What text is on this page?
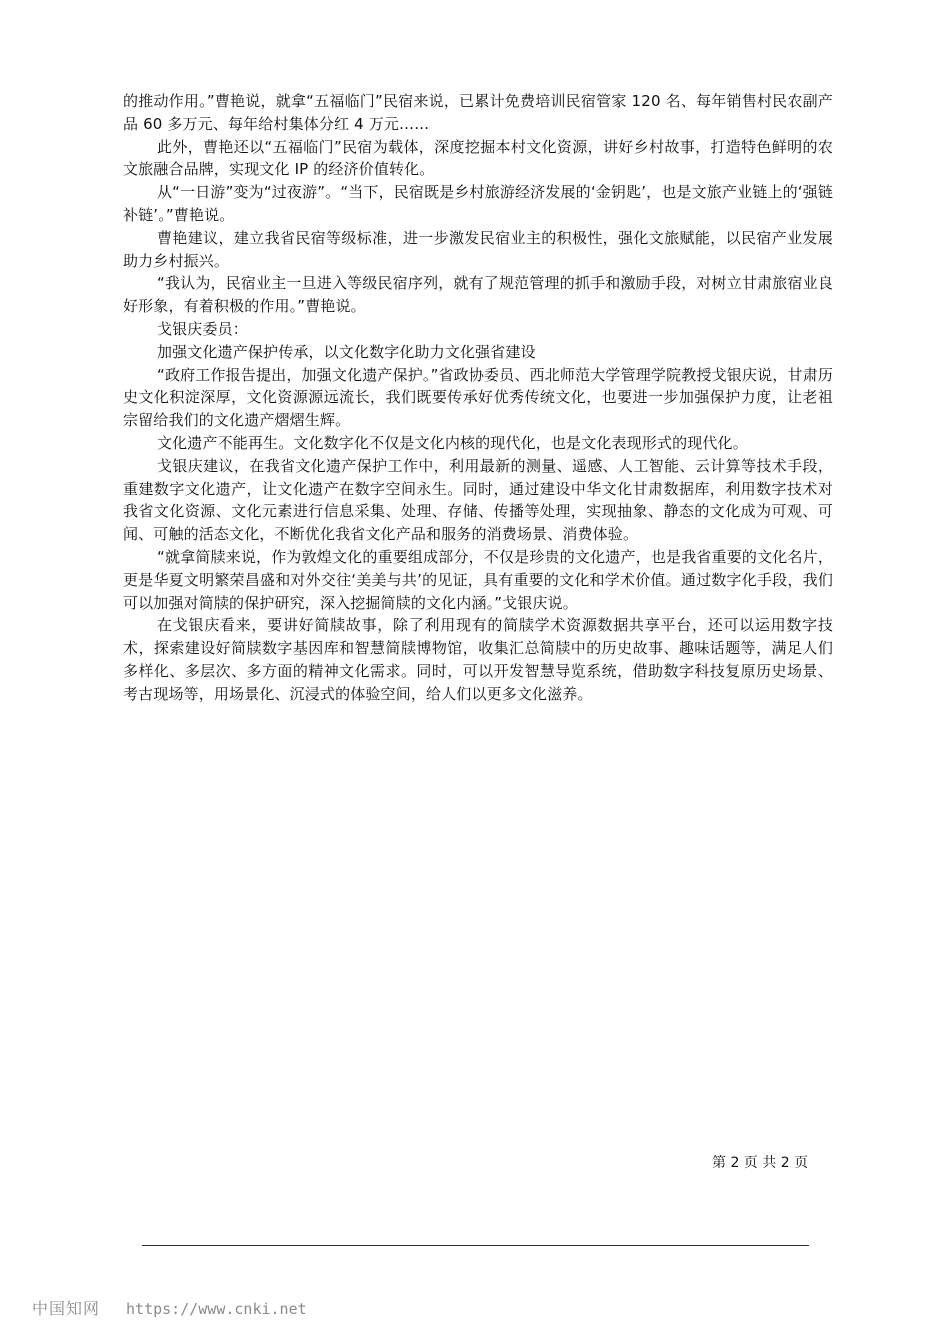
的推动作用。”曹艳说，就拿“五福临门”民宿来说，已累计免费培训民宿管家 120 名、每年销售村民农副产品 60 多万元、每年给村集体分红 4 万元……

此外，曹艳还以“五福临门”民宿为载体，深度挖掘本村文化资源，讲好乡村故事，打造特色鲜明的农文旅融合品牌，实现文化 IP 的经济价值转化。

从“一日游”变为“过夜游”。“当下，民宿既是乡村旅游经济发展的‘金钥匙’，也是文旅产业链上的‘强链补链’。”曹艳说。

曹艳建议，建立我省民宿等级标准，进一步激发民宿业主的积极性，强化文旅赋能，以民宿产业发展助力乡村振兴。

“我认为，民宿业主一旦进入等级民宿序列，就有了规范管理的抓手和激励手段，对树立甘肃旅宿业良好形象，有着积极的作用。”曹艳说。

戈银庆委员：

加强文化遗产保护传承，以文化数字化助力文化强省建设

“政府工作报告提出，加强文化遗产保护。”省政协委员、西北师范大学管理学院教授戈银庆说，甘肃历史文化积淀深厚，文化资源源远流长，我们既要传承好优秀传统文化，也要进一步加强保护力度，让老祖宗留给我们的文化遗产熠熠生辉。

文化遗产不能再生。文化数字化不仅是文化内核的现代化，也是文化表现形式的现代化。

戈银庆建议，在我省文化遗产保护工作中，利用最新的测量、遥感、人工智能、云计算等技术手段，重建数字文化遗产，让文化遗产在数字空间永生。同时，通过建设中华文化甘肃数据库，利用数字技术对我省文化资源、文化元素进行信息采集、处理、存储、传播等处理，实现抽象、静态的文化成为可观、可闻、可触的活态文化，不断优化我省文化产品和服务的消费场景、消费体验。

“就拿简牍来说，作为敦煌文化的重要组成部分，不仅是珍贵的文化遗产，也是我省重要的文化名片，更是华夏文明繁荣昌盛和对外交往‘美美与共’的见证，具有重要的文化和学术价值。通过数字化手段，我们可以加强对简牍的保护研究，深入挖掘简牍的文化内涵。”戈银庆说。

在戈银庆看来，要讲好简牍故事，除了利用现有的简牍学术资源数据共享平台，还可以运用数字技术，探索建设好简牍数字基因库和智慧简牍博物馆，收集汇总简牍中的历史故事、趣味话题等，满足人们多样化、多层次、多方面的精神文化需求。同时，可以开发智慧导览系统，借助数字科技复原历史场景、考古现场等，用场景化、沉浸式的体验空间，给人们以更多文化滋养。

第 2 页 共 2 页
中国知网 https://www.cnki.net
